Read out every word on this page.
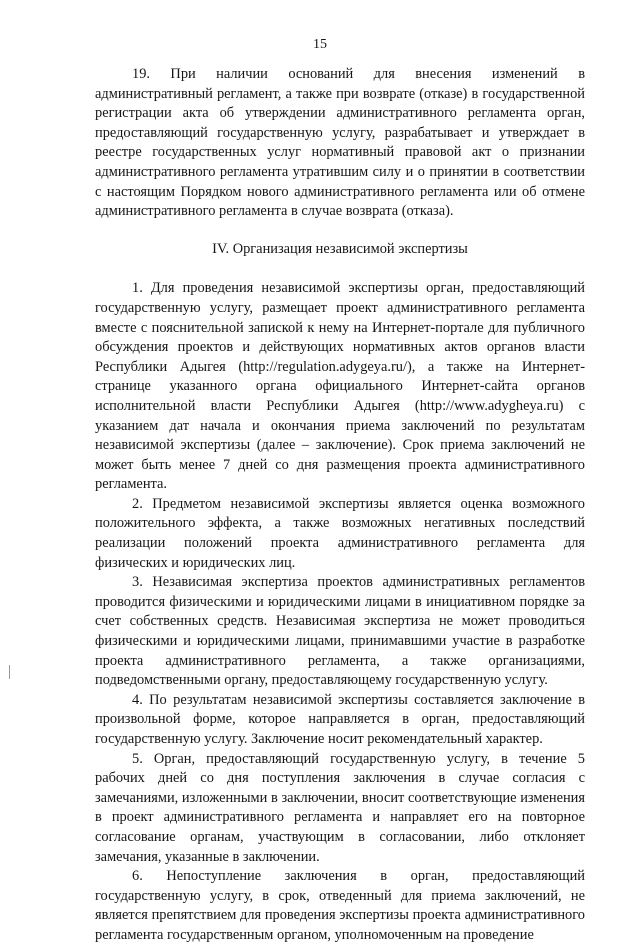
15

19. При наличии оснований для внесения изменений в административный регламент, а также при возврате (отказе) в государственной регистрации акта об утверждении административного регламента орган, предоставляющий государственную услугу, разрабатывает и утверждает в реестре государственных услуг нормативный правовой акт о признании административного регламента утратившим силу и о принятии в соответствии с настоящим Порядком нового административного регламента или об отмене административного регламента в случае возврата (отказа).

IV. Организация независимой экспертизы

1. Для проведения независимой экспертизы орган, предоставляющий государственную услугу, размещает проект административного регламента вместе с пояснительной запиской к нему на Интернет-портале для публичного обсуждения проектов и действующих нормативных актов органов власти Республики Адыгея (http://regulation.adygeya.ru/), а также на Интернет-странице указанного органа официального Интернет-сайта органов исполнительной власти Республики Адыгея (http://www.adygheya.ru) с указанием дат начала и окончания приема заключений по результатам независимой экспертизы (далее – заключение). Срок приема заключений не может быть менее 7 дней со дня размещения проекта административного регламента.

2. Предметом независимой экспертизы является оценка возможного положительного эффекта, а также возможных негативных последствий реализации положений проекта административного регламента для физических и юридических лиц.

3. Независимая экспертиза проектов административных регламентов проводится физическими и юридическими лицами в инициативном порядке за счет собственных средств. Независимая экспертиза не может проводиться физическими и юридическими лицами, принимавшими участие в разработке проекта административного регламента, а также организациями, подведомственными органу, предоставляющему государственную услугу.

4. По результатам независимой экспертизы составляется заключение в произвольной форме, которое направляется в орган, предоставляющий государственную услугу. Заключение носит рекомендательный характер.

5. Орган, предоставляющий государственную услугу, в течение 5 рабочих дней со дня поступления заключения в случае согласия с замечаниями, изложенными в заключении, вносит соответствующие изменения в проект административного регламента и направляет его на повторное согласование органам, участвующим в согласовании, либо отклоняет замечания, указанные в заключении.

6. Непоступление заключения в орган, предоставляющий государственную услугу, в срок, отведенный для приема заключений, не является препятствием для проведения экспертизы проекта административного регламента государственным органом, уполномоченным на проведение
